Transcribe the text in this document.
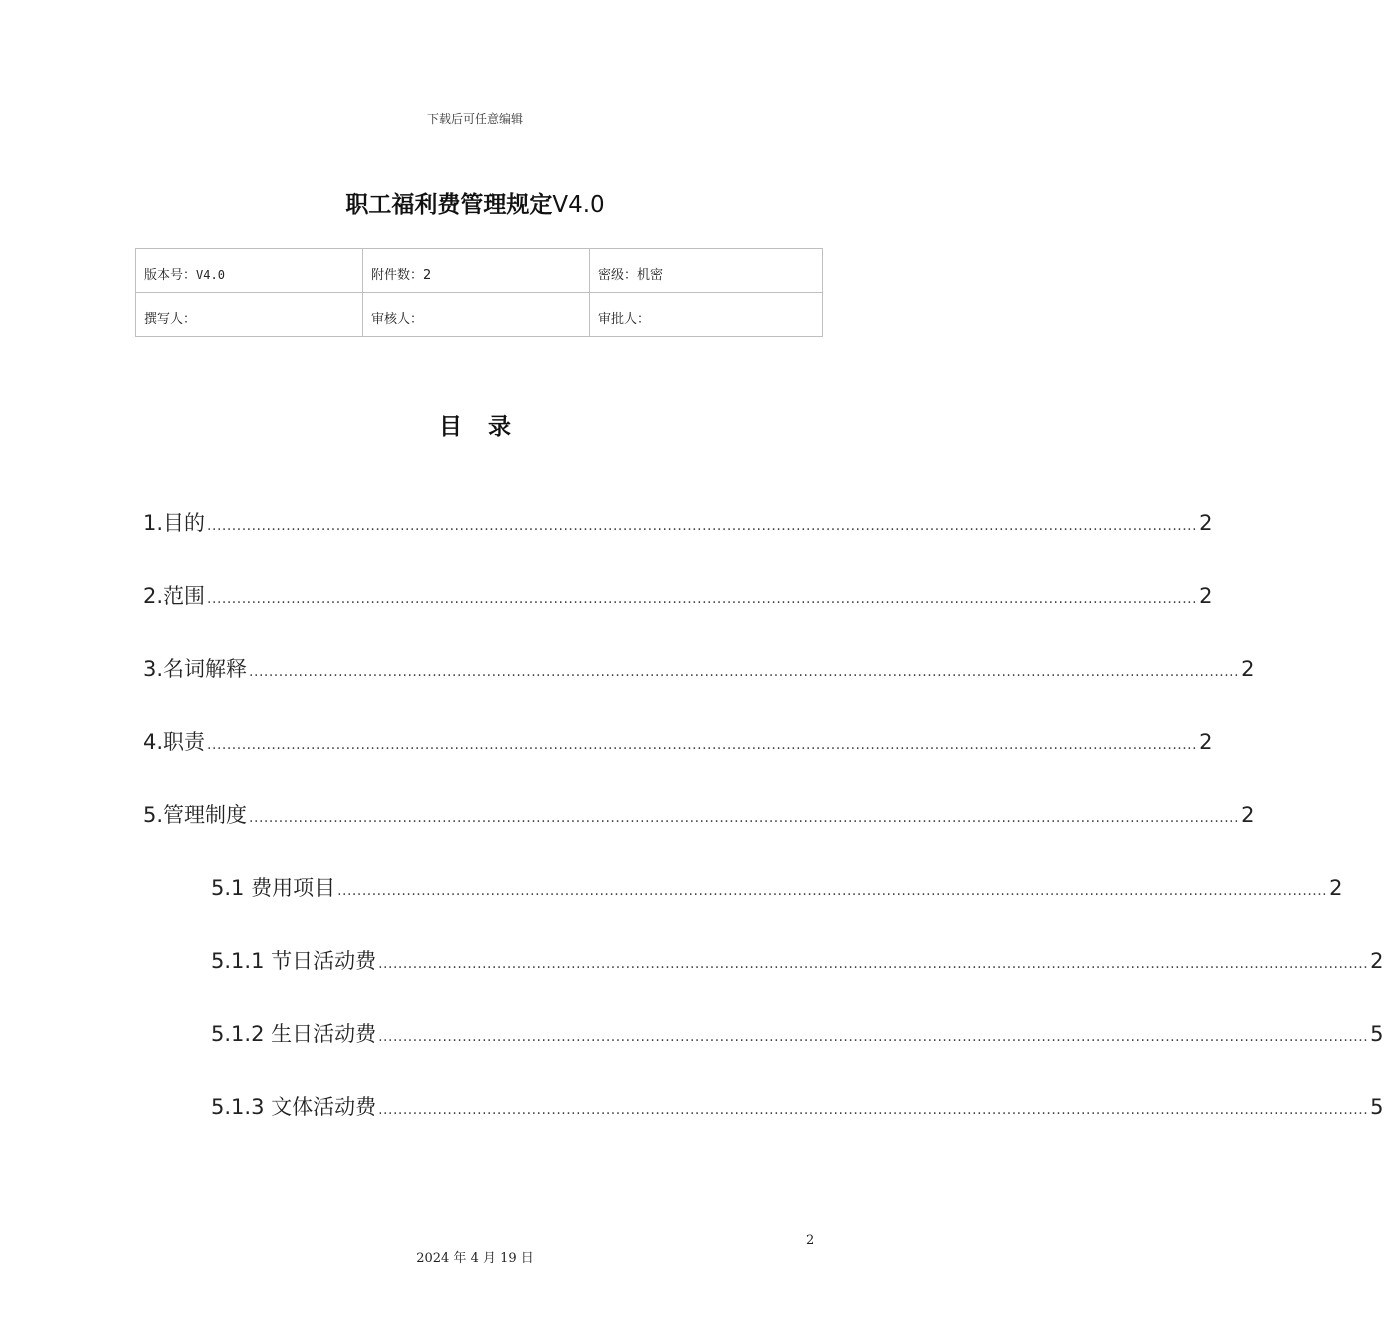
下载后可任意编辑
职工福利费管理规定V4.0
版本号：V4.0	附件数：2	密级：机密
撰写人：	审核人：	审批人：
目录
1.目的 ........................................................................................................................................................................................................ 2
2.范围 ........................................................................................................................................................................................................ 2
3.名词解释 ........................................................................................................................................................................................................ 2
4.职责 ........................................................................................................................................................................................................ 2
5.管理制度 ........................................................................................................................................................................................................ 2
5.1 费用项目 ........................................................................................................................................................................................................ 2
5.1.1 节日活动费 ........................................................................................................................................................................................................ 2
5.1.2 生日活动费 ........................................................................................................................................................................................................ 5
5.1.3 文体活动费 ........................................................................................................................................................................................................ 5
2
2024 年 4 月 19 日
